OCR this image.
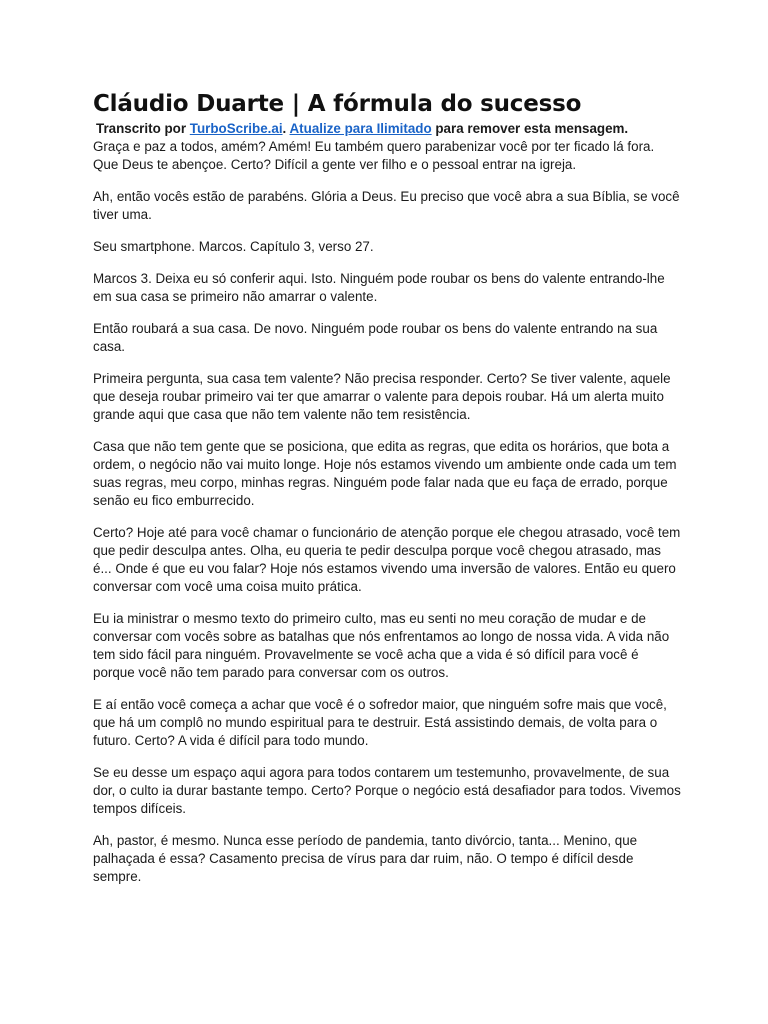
Cláudio Duarte | A fórmula do sucesso
Transcrito por TurboScribe.ai. Atualize para Ilimitado para remover esta mensagem.

Graça e paz a todos, amém? Amém! Eu também quero parabenizar você por ter ficado lá fora. Que Deus te abençoe. Certo? Difícil a gente ver filho e o pessoal entrar na igreja.

Ah, então vocês estão de parabéns. Glória a Deus. Eu preciso que você abra a sua Bíblia, se você tiver uma.

Seu smartphone. Marcos. Capítulo 3, verso 27.

Marcos 3. Deixa eu só conferir aqui. Isto. Ninguém pode roubar os bens do valente entrando-lhe em sua casa se primeiro não amarrar o valente.

Então roubará a sua casa. De novo. Ninguém pode roubar os bens do valente entrando na sua casa.

Primeira pergunta, sua casa tem valente? Não precisa responder. Certo? Se tiver valente, aquele que deseja roubar primeiro vai ter que amarrar o valente para depois roubar. Há um alerta muito grande aqui que casa que não tem valente não tem resistência.

Casa que não tem gente que se posiciona, que edita as regras, que edita os horários, que bota a ordem, o negócio não vai muito longe. Hoje nós estamos vivendo um ambiente onde cada um tem suas regras, meu corpo, minhas regras. Ninguém pode falar nada que eu faça de errado, porque senão eu fico emburrecido.

Certo? Hoje até para você chamar o funcionário de atenção porque ele chegou atrasado, você tem que pedir desculpa antes. Olha, eu queria te pedir desculpa porque você chegou atrasado, mas é... Onde é que eu vou falar? Hoje nós estamos vivendo uma inversão de valores. Então eu quero conversar com você uma coisa muito prática.

Eu ia ministrar o mesmo texto do primeiro culto, mas eu senti no meu coração de mudar e de conversar com vocês sobre as batalhas que nós enfrentamos ao longo de nossa vida. A vida não tem sido fácil para ninguém. Provavelmente se você acha que a vida é só difícil para você é porque você não tem parado para conversar com os outros.

E aí então você começa a achar que você é o sofredor maior, que ninguém sofre mais que você, que há um complô no mundo espiritual para te destruir. Está assistindo demais, de volta para o futuro. Certo? A vida é difícil para todo mundo.

Se eu desse um espaço aqui agora para todos contarem um testemunho, provavelmente, de sua dor, o culto ia durar bastante tempo. Certo? Porque o negócio está desafiador para todos. Vivemos tempos difíceis.

Ah, pastor, é mesmo. Nunca esse período de pandemia, tanto divórcio, tanta... Menino, que palhaçada é essa? Casamento precisa de vírus para dar ruim, não. O tempo é difícil desde sempre.
